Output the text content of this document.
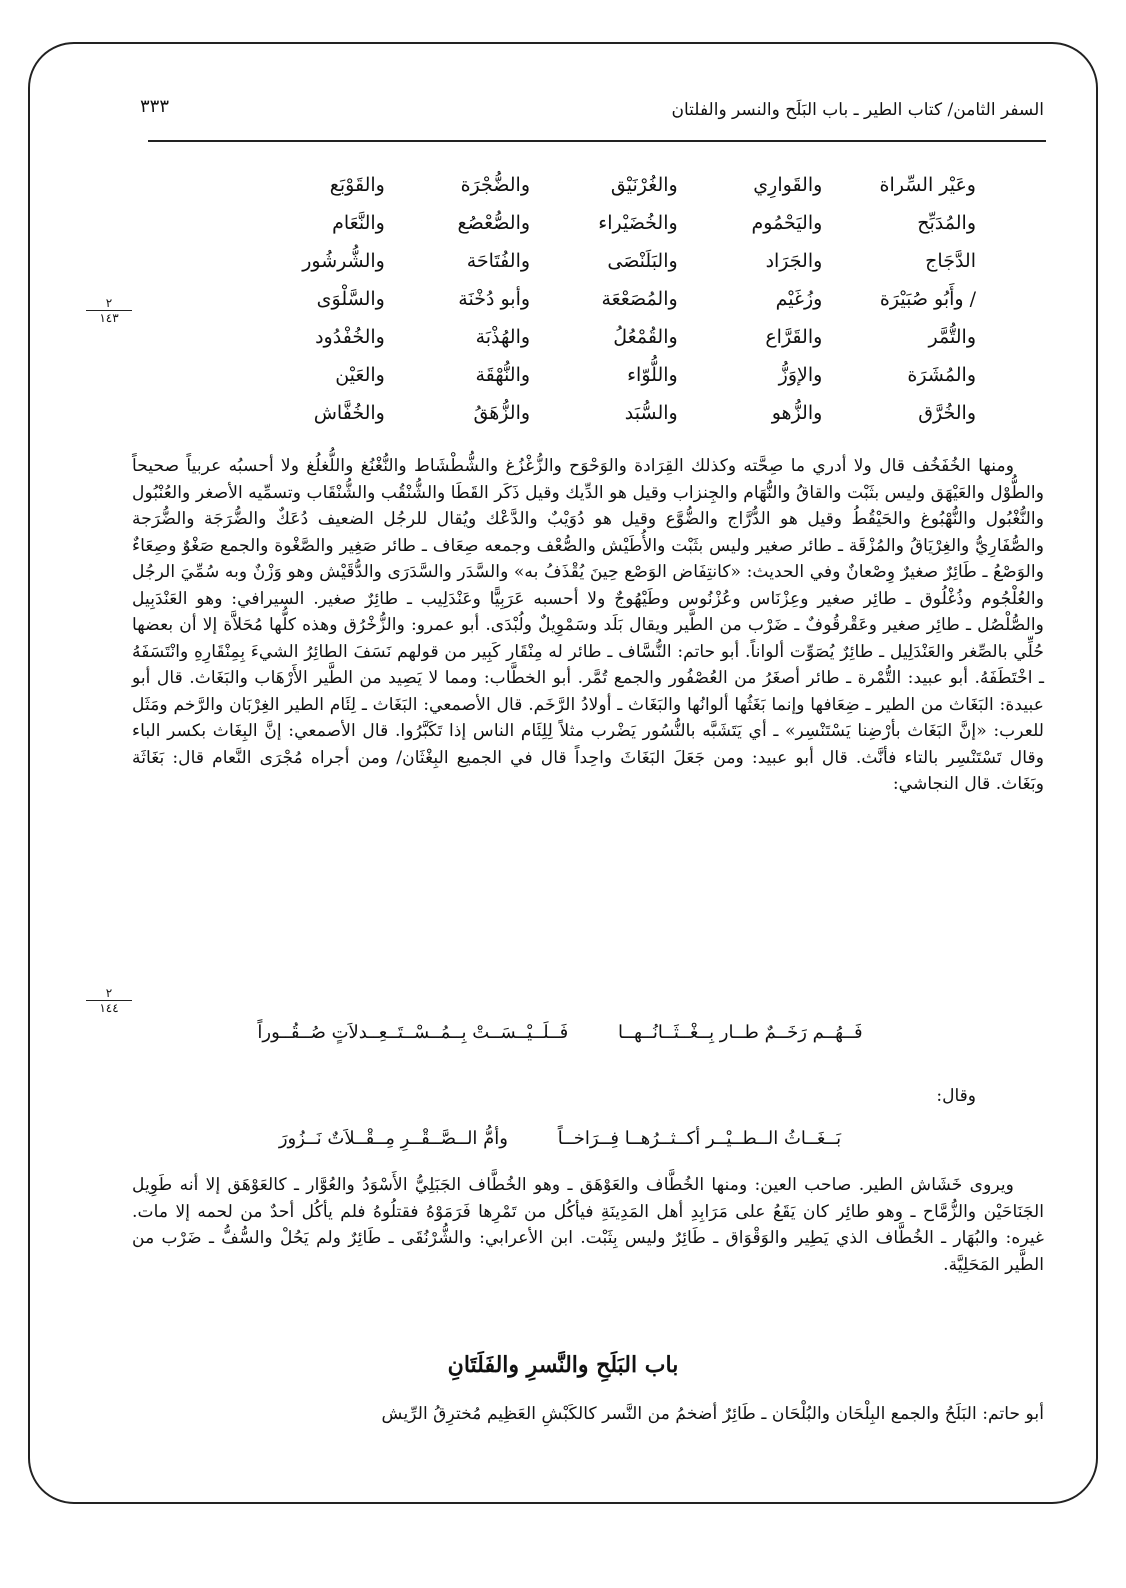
٣٣٣	السفر الثامن/ كتاب الطير ـ باب البَلَح والنسر والفلتان
وعَيْر السِّراة	والقَوارِي	والغُرْنَيْق	والضُّجْرَة	والقَوْبَع
والمُدَبِّح	واليَحْمُوم	والخُضَيْراء	والصُّعْصُع	والنَّعَام
الدَّجَاج	والجَرَاد	والبَلَنْصَى	والفُتَاحَة	والشُّرشُور
/ وأَبُو صُبَيْرَة	وزُغَيْم	والمُصَعْعَة	وأبو دُخْنَة	والسَّلْوَى
والتُّمَّر	والقَرَّاع	والقُمْعُلُ	والهُذْبَة	والخُفْدُود
والمُشَرَة	والإوَزُّ	واللُّوّاء	والنُّهْقَة	والعَيْن
والخُرَّق	والزُّهو	والسُّبَد	والزُّهَقُ	والخُفَّاش
٢
١٤٣

ومنها الخُفَخُف قال ولا أدري ما صِحَّته وكذلك القِرَادة والوَحْوَح والزُّغْزُغ والشُّطْشَاط والنُّغْنُغ واللُّغلُغ ولا أحسبُه عربياً صحيحاً والطُّوْل والعَيْهَق وليس بثَبْت والقاقُ والنُّهَام والجِنزاب وقيل هو الدِّيك وقيل ذَكَر القَطَا والشُّنْقُب والشُّنْقَاب وتسمِّيه الأصغر والعُنْبُول والنُّغْبُول والنُّهْبُوغ والحَيْقُطُ وقيل هو الدُّرَّاج والضُّوَّع وقيل هو دُوَيْبٌ والدَّعْك ويُقال للرجُل الضعيف دُعَكٌ والضُّرَجَة والضُّرَجة والصُّفَارِيُّ والغِرْيَاقُ والمُزْقَة ـ طائر صغير وليس بثَبْت والأُطَيْش والصُّعْف وجمعه صِعَاف ـ طائر صَغِير والصَّغْوة والجمع صَغْوٌ وصِعَاءٌ والوَصْعُ ـ طَائِرٌ صغيرٌ وِصْعانٌ وفي الحديث: «كانتِفَاض الوَصْع حِينَ يُقْذَفُ به» والسَّدَر والسَّدَرَى والدُّقَيْش وهو وَزْنٌ وبه سُمِّيَ الرجُل والعُلْجُوم وذُغْلُوق ـ طائِر صغير وعِزْنَاس وعُزْنُوس وطَيْهُوجٌ ولا أحسبه عَرَبِيًّا وعَنْدَلِيب ـ طائِرٌ صغير. السيرافي: وهو العَنْدَبِيل والصُّلْصُل ـ طائِر صغير وعَقْرقُوفٌ ـ ضَرْب من الطَّير ويقال بَلَد وسَمْوِيلٌ ولُبْدَى. أبو عمرو: والزُّخْرُق وهذه كلُّها مُحَلاَّة إلا أن بعضها حُلِّي بالصِّغر والعَنْدَلِيل ـ طائِرٌ يُصَوِّت ألواناً. أبو حاتم: النُّسَّاف ـ طائر له مِنْقَار كَبِير من قولهم نَسَفَ الطائِرُ الشيءَ بِمِنْقَارِهِ وانْتَسَفَهُ ـ اخْتَطَفَهُ. أبو عبيد: التُّمْرة ـ طائر أصغَرُ من العُصْفُور والجمع تُمَّر. أبو الخطَّاب: ومما لا يَصِيد من الطَّير الأَرْهَاب والبَغَاث. قال أبو عبيدة: البَغَاث من الطير ـ ضِعَافها وإنما بَغَثُها ألوانُها والبَغَاث ـ أولادُ الرَّخَم. قال الأصمعي: البَغَاث ـ لِئَام الطير الغِرْبَان والرَّخم ومَثَل للعرب: «إنَّ البَغَاث بأرْضِنا يَسْتَنْسِر» ـ أي يَتَشَبَّه بالنُّسُور يَضْرب مثلاً لِلِئَام الناس إذا تَكَبَّرُوا. قال الأصمعي: إنَّ البِغَاث بكسر الباء وقال تَسْتَنْسِر بالتاء فأنَّث. قال أبو عبيد: ومن جَعَلَ البَغَاثَ واحِداً قال في الجميع البِغْثَان/ ومن أجراه مُجْرَى النَّعام قال: بَغَاثَة وبَغَاث. قال النجاشي:

٢
١٤٤
فَــهُــم رَخَــمٌ طــار بِــغْــثَــانُــهــا فَــلَــيْــسَــتْ بِــمُــسْــتَــعِــدلاَتٍ صُــقُــوراً
وقال:
بَــغَــاثُ الــطــيْــر أكــثــرُهــا فِــرَاخــاً وأمُّ الــصَّــقْــرِ مِــقْــلاَتٌ نَــزُورَ

ويروى خَشَاش الطير. صاحب العين: ومنها الخُطَّاف والعَوْهَق ـ وهو الخُطَّاف الجَبَلِيُّ الأَسْوَدُ والعُوَّار ـ كالعَوْهَق إلا أنه طَوِيل الجَنَاحَيْن والزُّمَّاح ـ وهو طائِر كان يَقَعُ على مَرَابِدِ أهل المَدِينَةِ فيأكُل من تَمْرِها فَرَمَوْهُ فقتلُوهُ فلم يأكُل أحدٌ من لحمه إلا مات. غيره: والبُهَار ـ الخُطَّاف الذي يَطِير والوَقْوَاق ـ طَائِرٌ وليس بِثَبْت. ابن الأعرابي: والشُّرْنُقَى ـ طَائِرٌ ولم يَحُلْ والسُّفُّ ـ ضَرْب من الطَّير المَحَلِيَّة.

باب البَلَحِ والنَّسرِ والفَلَتَانِ
أبو حاتم: البَلَحُ والجمع البِلْحَان والبُلْحَان ـ طَائِرٌ أضخمُ من النَّسر كالكَبْشِ العَظِيم مُخترِقُ الرِّيش
